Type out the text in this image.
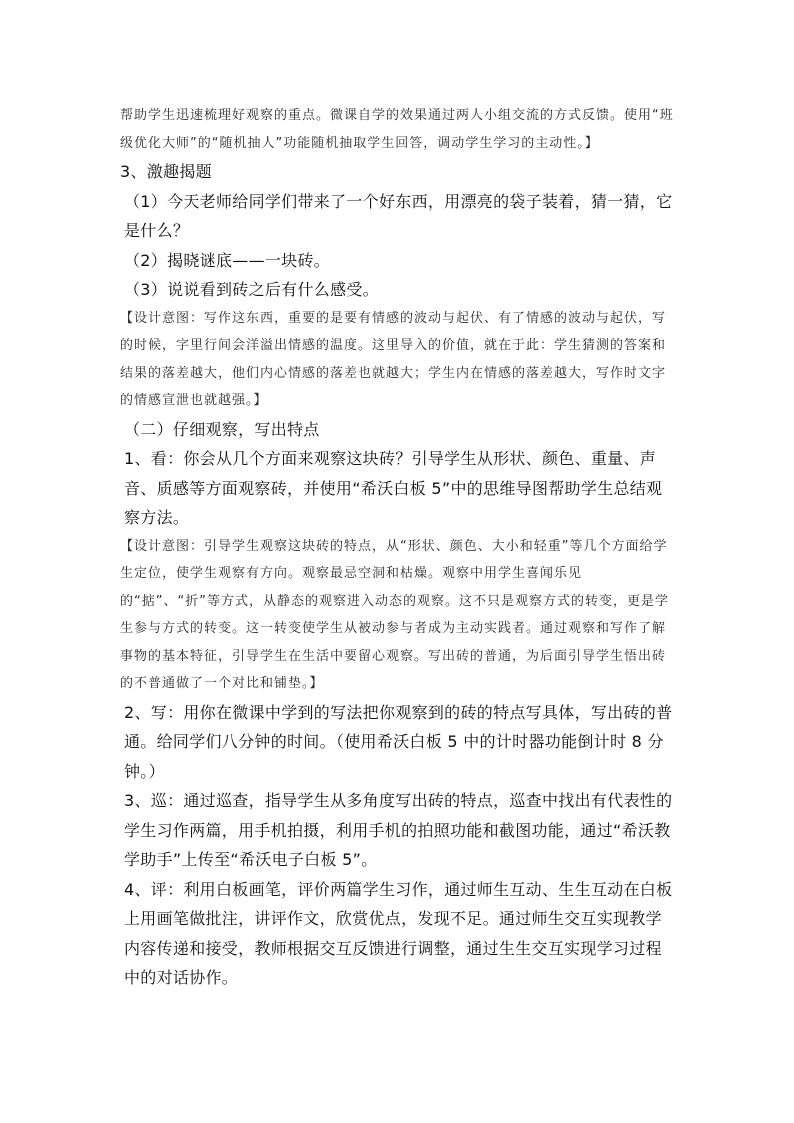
帮助学生迅速梳理好观察的重点。微课自学的效果通过两人小组交流的方式反馈。使用“班级优化大师”的“随机抽人”功能随机抽取学生回答，调动学生学习的主动性。】

3、激趣揭题

（1）今天老师给同学们带来了一个好东西，用漂亮的袋子装着，猜一猜，它是什么？

（2）揭晓谜底——一块砖。

（3）说说看到砖之后有什么感受。

【设计意图：写作这东西，重要的是要有情感的波动与起伏、有了情感的波动与起伏，写的时候，字里行间会洋溢出情感的温度。这里导入的价值，就在于此：学生猜测的答案和结果的落差越大，他们内心情感的落差也就越大；学生内在情感的落差越大，写作时文字的情感宣泄也就越强。】

（二）仔细观察，写出特点

1、看：你会从几个方面来观察这块砖？引导学生从形状、颜色、重量、声音、质感等方面观察砖，并使用“希沃白板 5”中的思维导图帮助学生总结观察方法。

【设计意图：引导学生观察这块砖的特点，从“形状、颜色、大小和轻重”等几个方面给学生定位，使学生观察有方向。观察最忌空洞和枯燥。观察中用学生喜闻乐见的“掂”、“折”等方式，从静态的观察进入动态的观察。这不只是观察方式的转变，更是学生参与方式的转变。这一转变使学生从被动参与者成为主动实践者。通过观察和写作了解事物的基本特征，引导学生在生活中要留心观察。写出砖的普通，为后面引导学生悟出砖的不普通做了一个对比和铺垫。】

2、写：用你在微课中学到的写法把你观察到的砖的特点写具体，写出砖的普通。给同学们八分钟的时间。（使用希沃白板 5 中的计时器功能倒计时 8 分钟。）

3、巡：通过巡查，指导学生从多角度写出砖的特点，巡查中找出有代表性的学生习作两篇，用手机拍摄，利用手机的拍照功能和截图功能，通过“希沃教学助手”上传至“希沃电子白板 5”。

4、评：利用白板画笔，评价两篇学生习作，通过师生互动、生生互动在白板上用画笔做批注，讲评作文，欣赏优点，发现不足。通过师生交互实现教学内容传递和接受，教师根据交互反馈进行调整，通过生生交互实现学习过程中的对话协作。
